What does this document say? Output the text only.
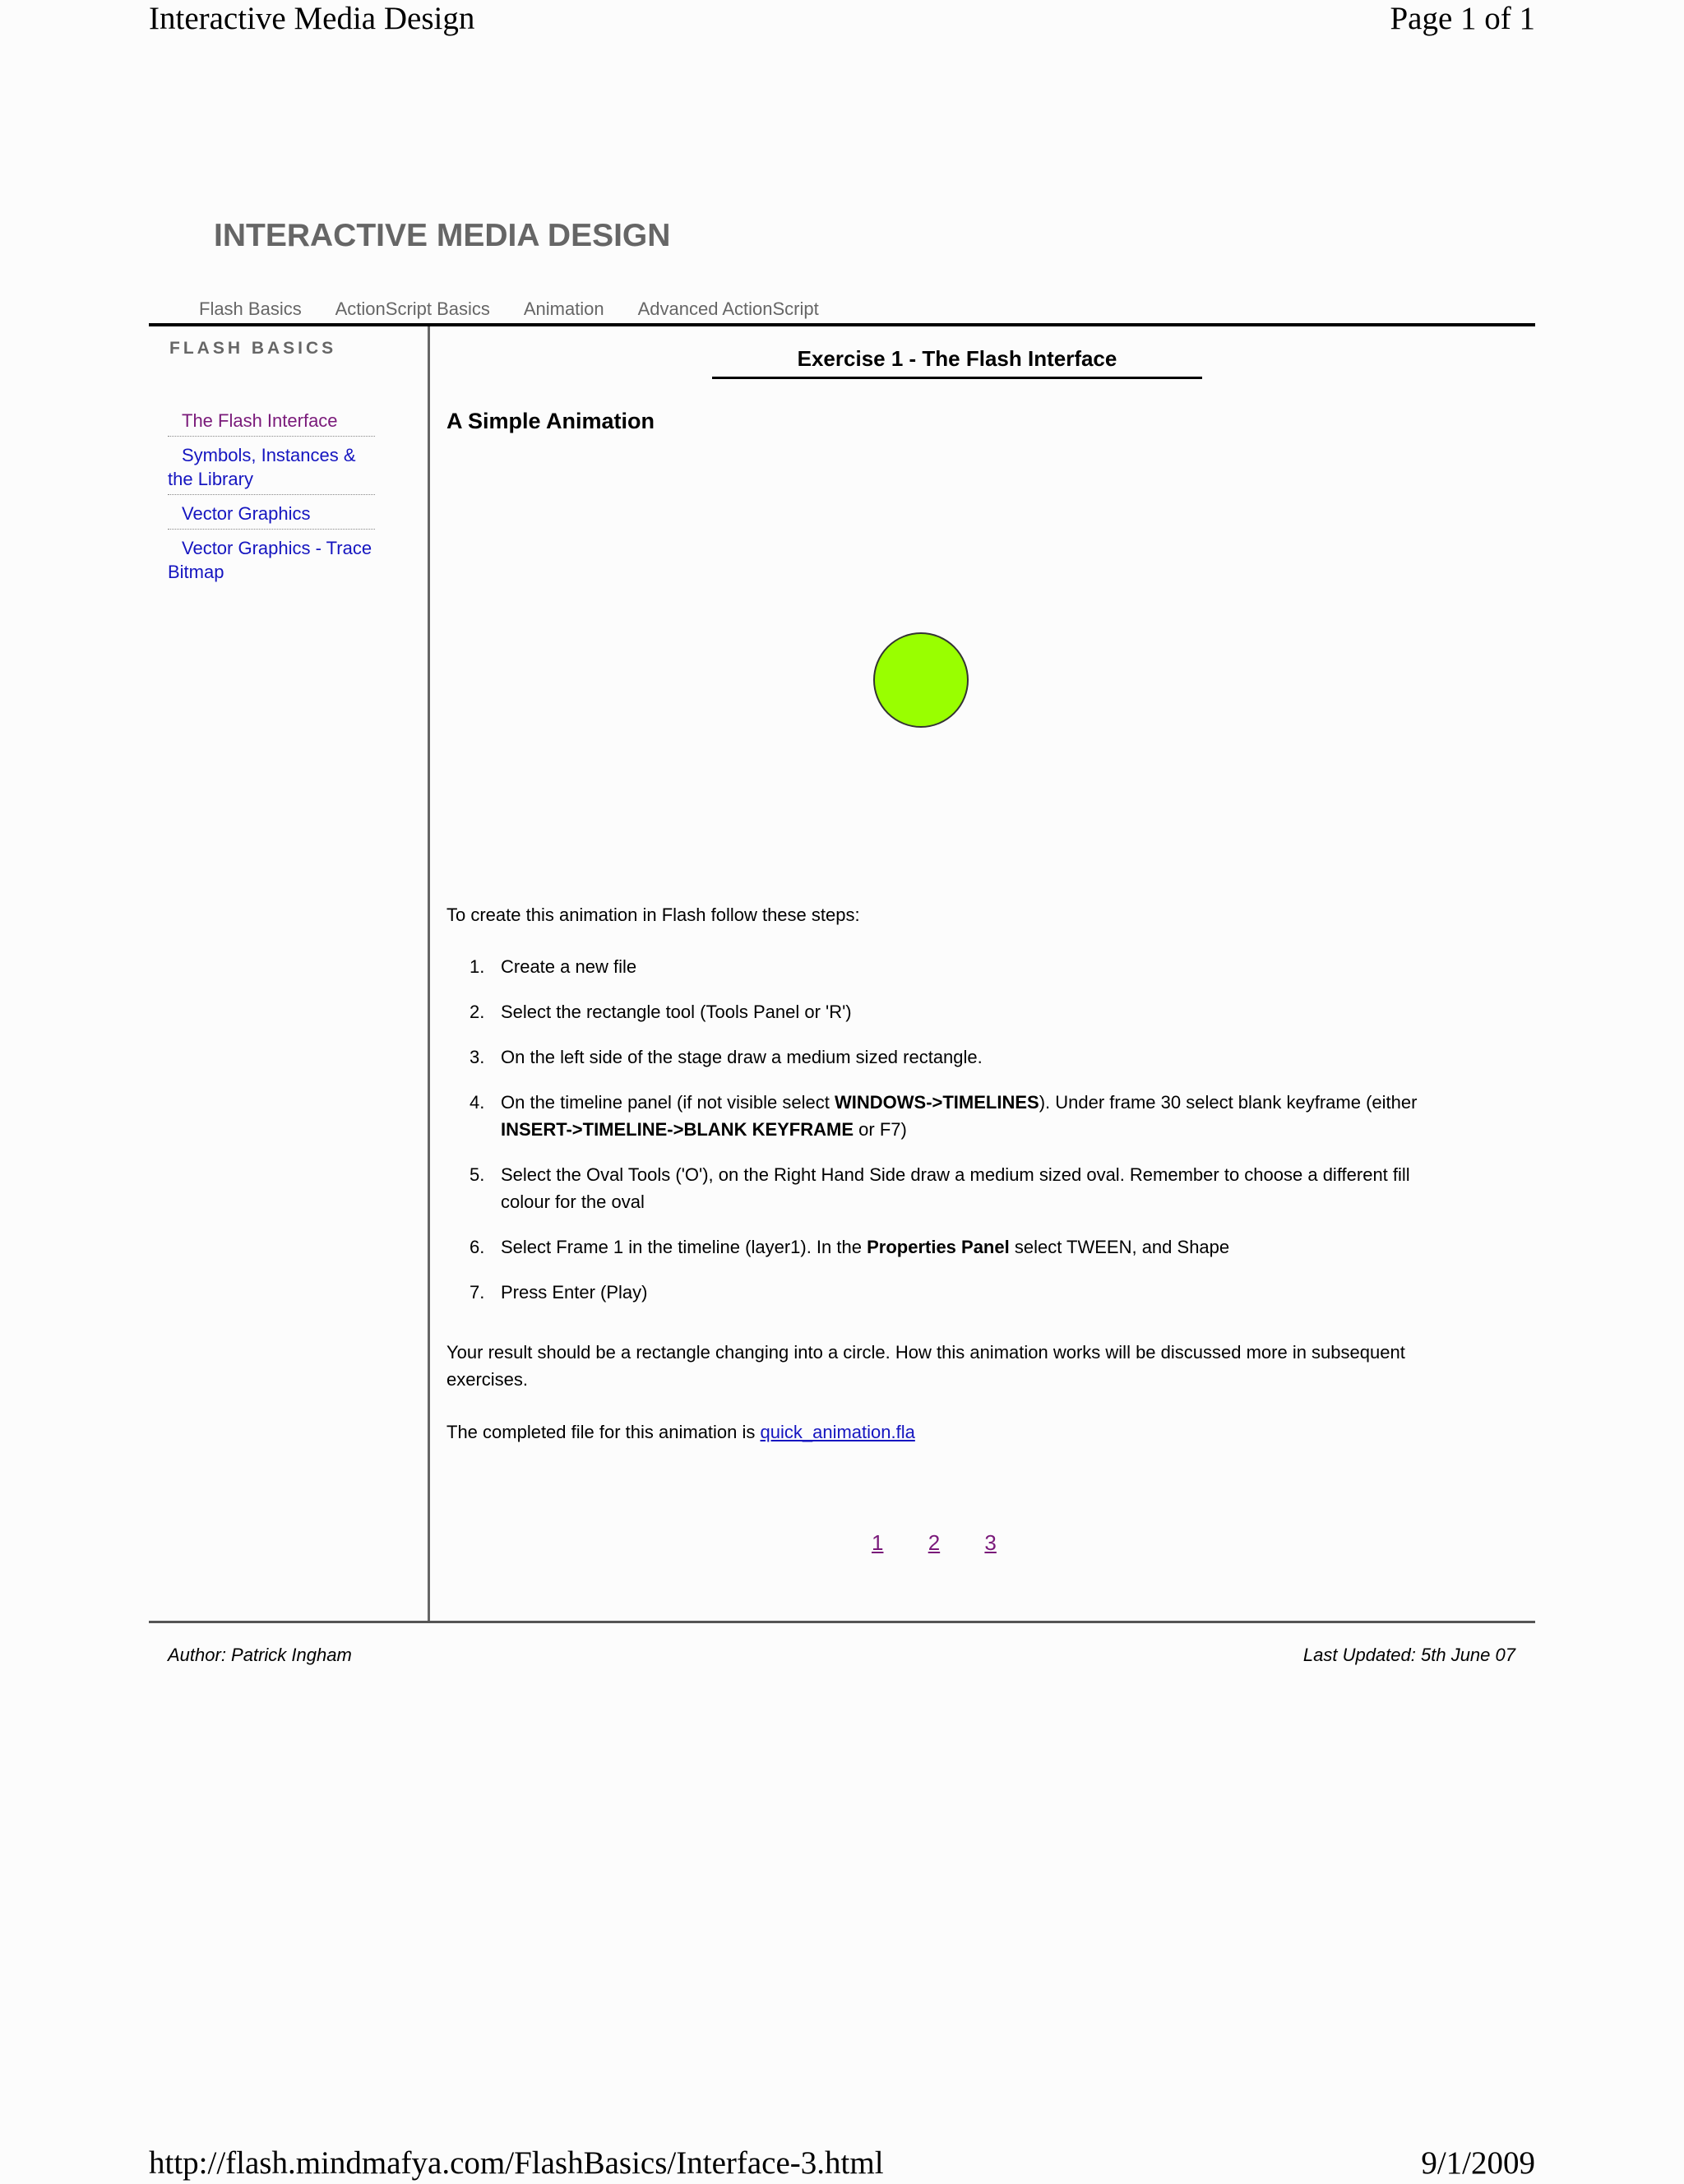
Interactive Media Design	Page 1 of 1
INTERACTIVE MEDIA DESIGN
Flash Basics ActionScript Basics Animation Advanced ActionScript
FLASH BASICS
The Flash Interface
Symbols, Instances & the Library
Vector Graphics
Vector Graphics - Trace Bitmap
Exercise 1 - The Flash Interface
A Simple Animation

To create this animation in Flash follow these steps:

1. Create a new file
2. Select the rectangle tool (Tools Panel or 'R')
3. On the left side of the stage draw a medium sized rectangle.
4. On the timeline panel (if not visible select WINDOWS->TIMELINES). Under frame 30 select blank keyframe (either INSERT->TIMELINE->BLANK KEYFRAME or F7)
5. Select the Oval Tools ('O'), on the Right Hand Side draw a medium sized oval. Remember to choose a different fill colour for the oval
6. Select Frame 1 in the timeline (layer1). In the Properties Panel select TWEEN, and Shape
7. Press Enter (Play)

Your result should be a rectangle changing into a circle. How this animation works will be discussed more in subsequent exercises.

The completed file for this animation is quick_animation.fla

1 2 3
Author: Patrick Ingham	Last Updated: 5th June 07
http://flash.mindmafya.com/FlashBasics/Interface-3.html	9/1/2009
